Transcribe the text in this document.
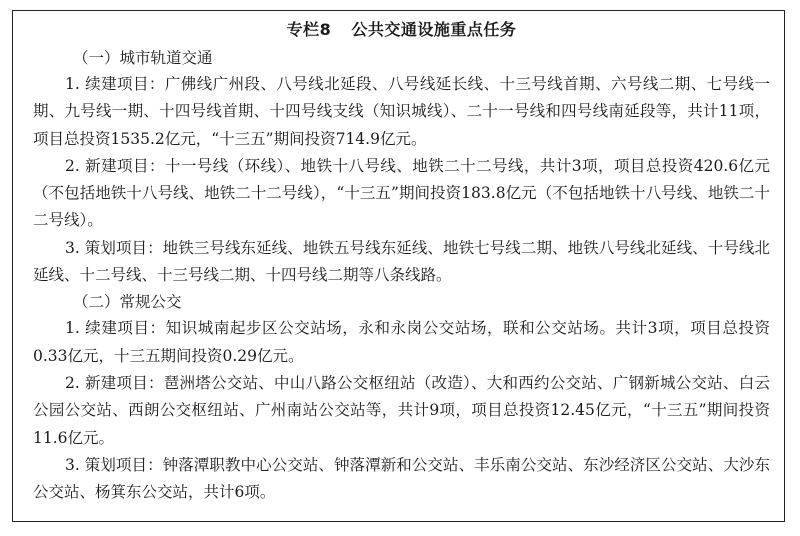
专栏8 公共交通设施重点任务
（一）城市轨道交通

1. 续建项目：广佛线广州段、八号线北延段、八号线延长线、十三号线首期、六号线二期、七号线一期、九号线一期、十四号线首期、十四号线支线（知识城线）、二十一号线和四号线南延段等，共计11项，项目总投资1535.2亿元，“十三五”期间投资714.9亿元。

2. 新建项目：十一号线（环线）、地铁十八号线、地铁二十二号线，共计3项，项目总投资420.6亿元（不包括地铁十八号线、地铁二十二号线），“十三五”期间投资183.8亿元（不包括地铁十八号线、地铁二十二号线）。

3. 策划项目：地铁三号线东延线、地铁五号线东延线、地铁七号线二期、地铁八号线北延线、十号线北延线、十二号线、十三号线二期、十四号线二期等八条线路。

（二）常规公交

1. 续建项目：知识城南起步区公交站场，永和永岗公交站场，联和公交站场。共计3项，项目总投资0.33亿元，十三五期间投资0.29亿元。

2. 新建项目：琶洲塔公交站、中山八路公交枢纽站（改造）、大和西约公交站、广钢新城公交站、白云公园公交站、西朗公交枢纽站、广州南站公交站等，共计9项，项目总投资12.45亿元，“十三五”期间投资11.6亿元。

3. 策划项目：钟落潭职教中心公交站、钟落潭新和公交站、丰乐南公交站、东沙经济区公交站、大沙东公交站、杨箕东公交站，共计6项。
